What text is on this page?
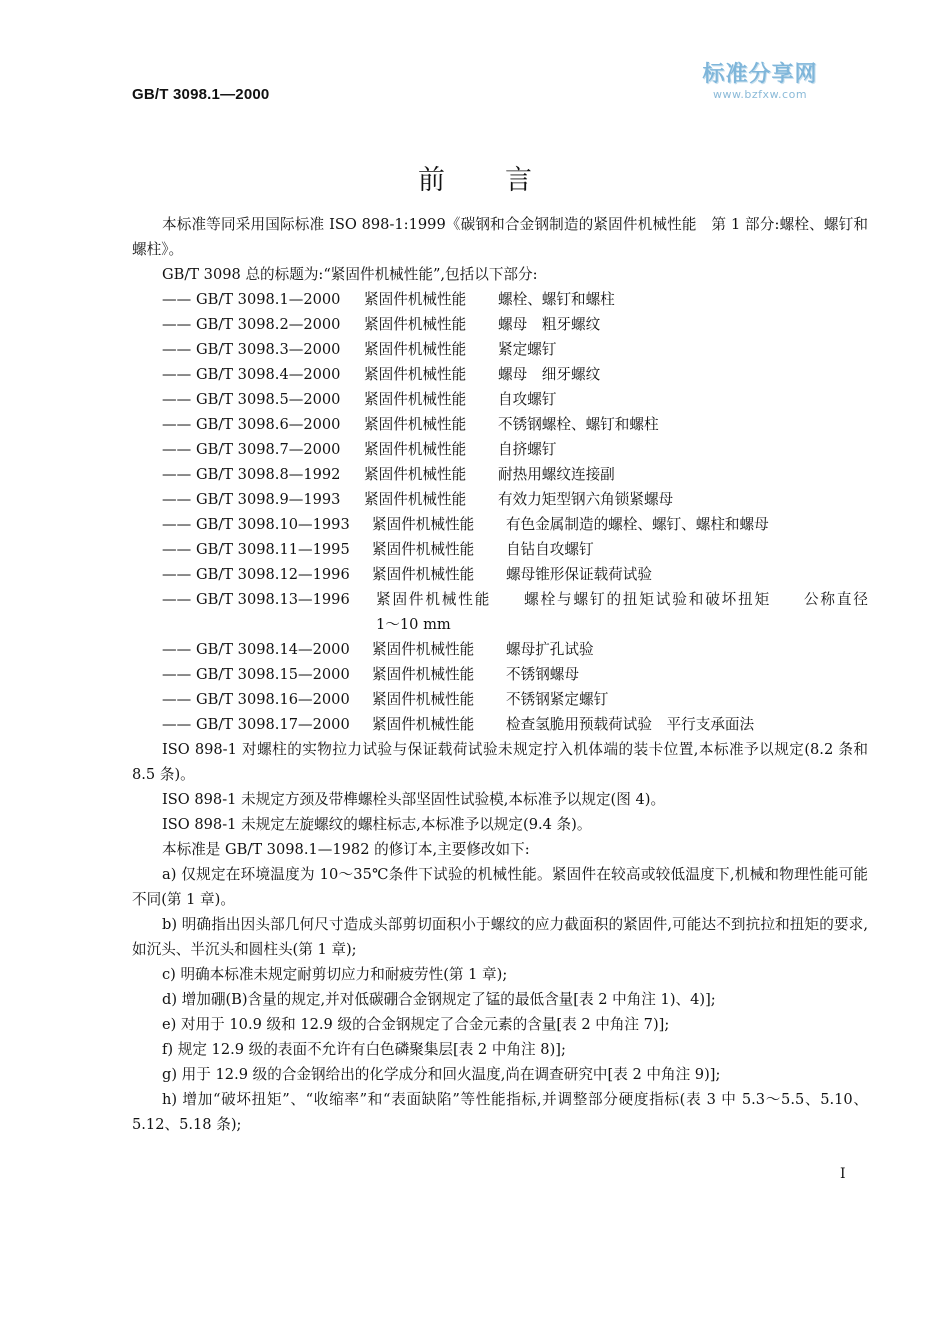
GB/T 3098.1—2000
标准分享网
www.bzfxw.com
前言

本标准等同采用国际标准 ISO 898-1:1999《碳钢和合金钢制造的紧固件机械性能　第 1 部分:螺栓、螺钉和螺柱》。

GB/T 3098 总的标题为:“紧固件机械性能”,包括以下部分:

—— GB/T 3098.1—2000	紧固件机械性能	螺栓、螺钉和螺柱
—— GB/T 3098.2—2000	紧固件机械性能	螺母　粗牙螺纹
—— GB/T 3098.3—2000	紧固件机械性能	紧定螺钉
—— GB/T 3098.4—2000	紧固件机械性能	螺母　细牙螺纹
—— GB/T 3098.5—2000	紧固件机械性能	自攻螺钉
—— GB/T 3098.6—2000	紧固件机械性能	不锈钢螺栓、螺钉和螺柱
—— GB/T 3098.7—2000	紧固件机械性能	自挤螺钉
—— GB/T 3098.8—1992	紧固件机械性能	耐热用螺纹连接副
—— GB/T 3098.9—1993	紧固件机械性能	有效力矩型钢六角锁紧螺母
—— GB/T 3098.10—1993	紧固件机械性能	有色金属制造的螺栓、螺钉、螺柱和螺母
—— GB/T 3098.11—1995	紧固件机械性能	自钻自攻螺钉
—— GB/T 3098.12—1996	紧固件机械性能	螺母锥形保证载荷试验
—— GB/T 3098.13—1996	紧固件机械性能　　 螺栓与螺钉的扭矩试验和破坏扭矩　　 公称直径
1～10 mm
—— GB/T 3098.14—2000	紧固件机械性能	螺母扩孔试验
—— GB/T 3098.15—2000	紧固件机械性能	不锈钢螺母
—— GB/T 3098.16—2000	紧固件机械性能	不锈钢紧定螺钉
—— GB/T 3098.17—2000	紧固件机械性能	检查氢脆用预载荷试验　平行支承面法

ISO 898-1 对螺柱的实物拉力试验与保证载荷试验未规定拧入机体端的装卡位置,本标准予以规定(8.2 条和 8.5 条)。

ISO 898-1 未规定方颈及带榫螺栓头部坚固性试验模,本标准予以规定(图 4)。

ISO 898-1 未规定左旋螺纹的螺柱标志,本标准予以规定(9.4 条)。

本标准是 GB/T 3098.1—1982 的修订本,主要修改如下:

a) 仅规定在环境温度为 10～35℃条件下试验的机械性能。紧固件在较高或较低温度下,机械和物理性能可能不同(第 1 章)。

b) 明确指出因头部几何尺寸造成头部剪切面积小于螺纹的应力截面积的紧固件,可能达不到抗拉和扭矩的要求,如沉头、半沉头和圆柱头(第 1 章);

c) 明确本标准未规定耐剪切应力和耐疲劳性(第 1 章);

d) 增加硼(B)含量的规定,并对低碳硼合金钢规定了锰的最低含量[表 2 中角注 1)、4)];

e) 对用于 10.9 级和 12.9 级的合金钢规定了合金元素的含量[表 2 中角注 7)];

f) 规定 12.9 级的表面不允许有白色磷聚集层[表 2 中角注 8)];

g) 用于 12.9 级的合金钢给出的化学成分和回火温度,尚在调查研究中[表 2 中角注 9)];

h) 增加“破坏扭矩”、“收缩率”和“表面缺陷”等性能指标,并调整部分硬度指标(表 3 中 5.3～5.5、5.10、5.12、5.18 条);

I
